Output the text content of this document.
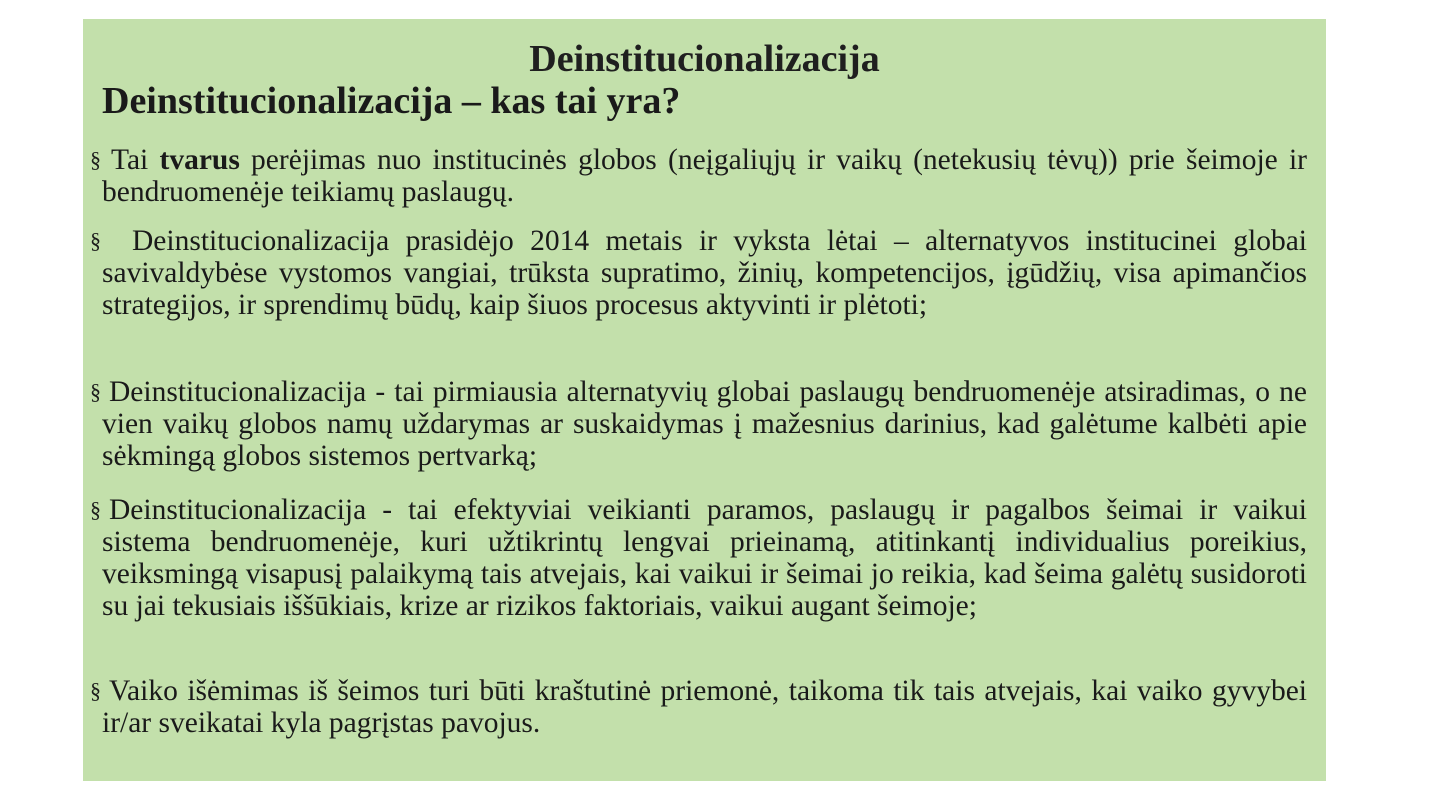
Deinstitucionalizacija
Deinstitucionalizacija – kas tai yra?
§ Tai tvarus perėjimas nuo institucinės globos (neįgaliųjų ir vaikų (netekusių tėvų)) prie šeimoje ir bendruomenėje teikiamų paslaugų.
§	Deinstitucionalizacija prasidėjo 2014 metais ir vyksta lėtai – alternatyvos institucinei globai savivaldybėse vystomos vangiai, trūksta supratimo, žinių, kompetencijos, įgūdžių, visa apimančios strategijos, ir sprendimų būdų, kaip šiuos procesus aktyvinti ir plėtoti;
§ Deinstitucionalizacija - tai pirmiausia alternatyvių globai paslaugų bendruomenėje atsiradimas, o ne vien vaikų globos namų uždarymas ar suskaidymas į mažesnius darinius, kad galėtume kalbėti apie sėkmingą globos sistemos pertvarką;
§ Deinstitucionalizacija - tai efektyviai veikianti paramos, paslaugų ir pagalbos šeimai ir vaikui sistema bendruomenėje, kuri užtikrintų lengvai prieinamą, atitinkantį individualius poreikius, veiksmingą visapusį palaikymą tais atvejais, kai vaikui ir šeimai jo reikia, kad šeima galėtų susidoroti su jai tekusiais iššūkiais, krize ar rizikos faktoriais, vaikui augant šeimoje;
§ Vaiko išėmimas iš šeimos turi būti kraštutinė priemonė, taikoma tik tais atvejais, kai vaiko gyvybei ir/ar sveikatai kyla pagrįstas pavojus.
